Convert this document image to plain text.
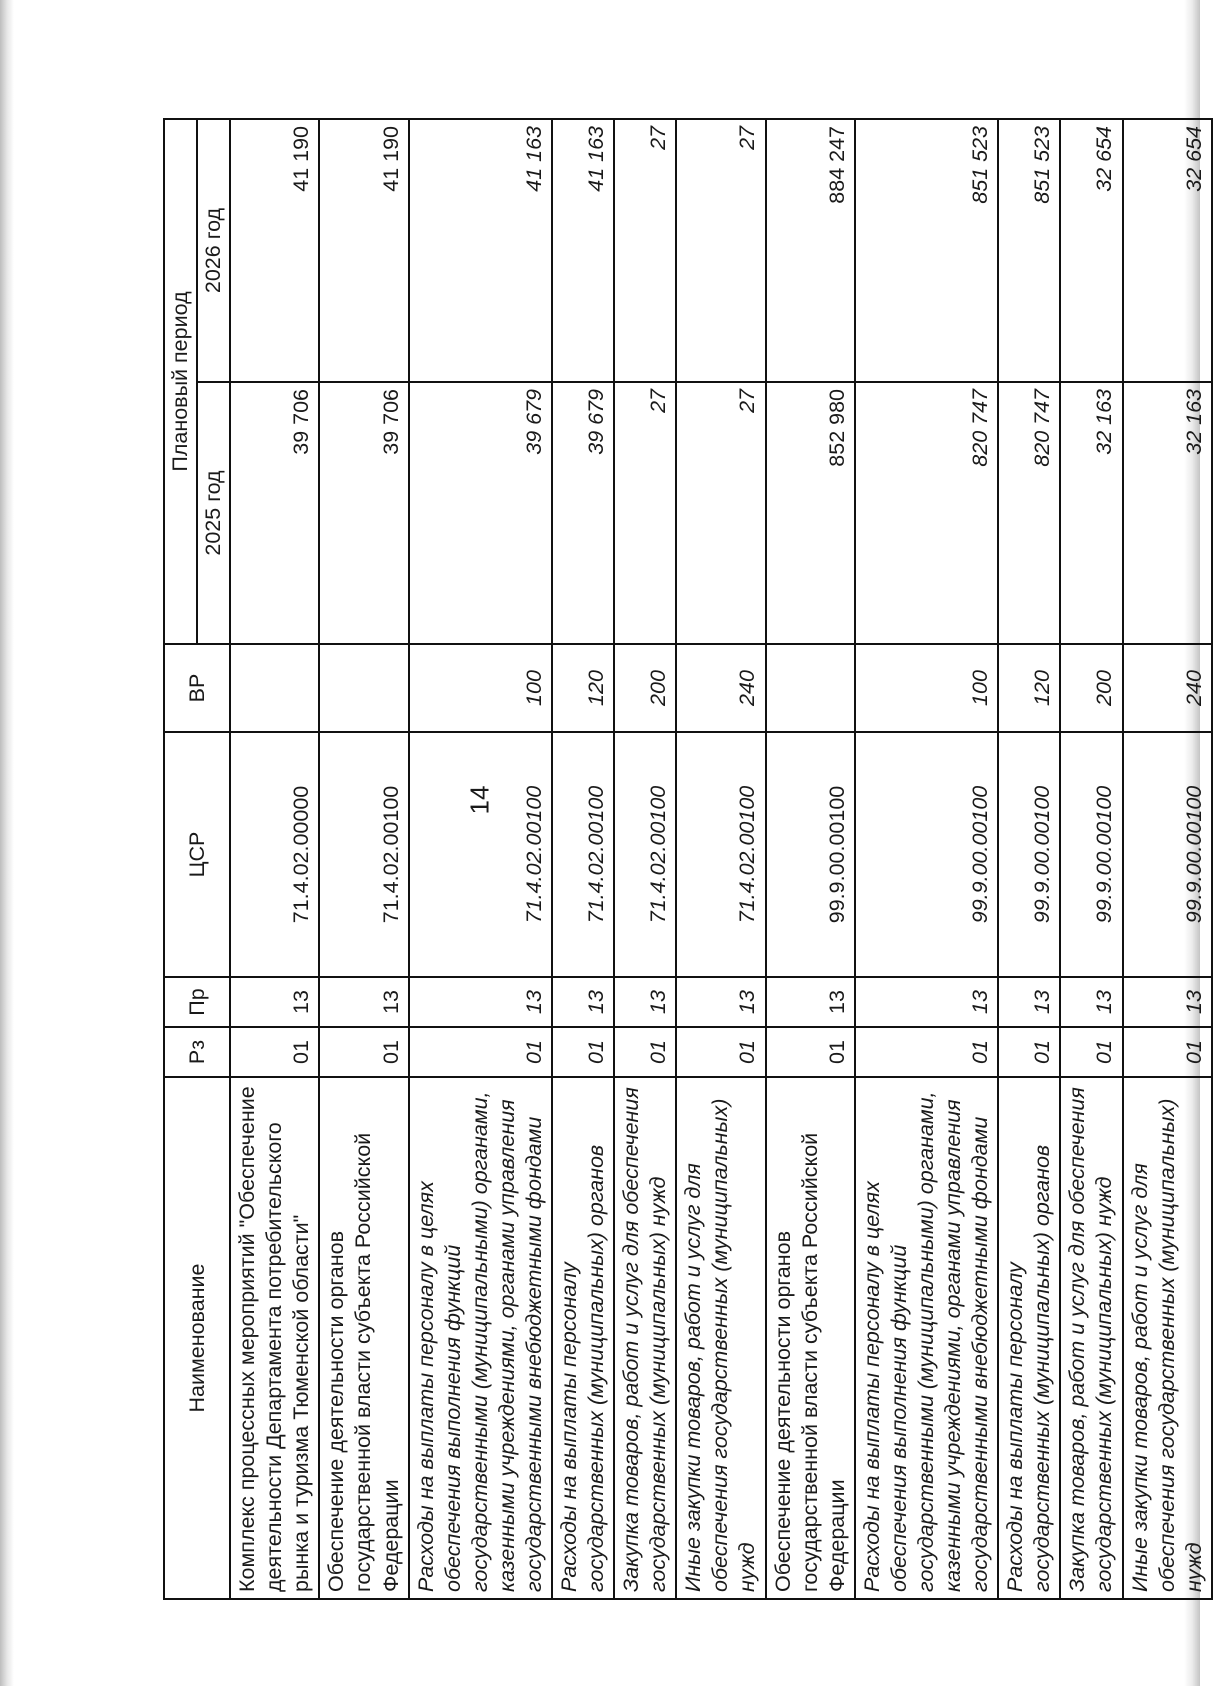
14
Наименование	Рз	Пр	ЦСР	ВР	Плановый период	
					2025 год	2026 год
Комплекс процессных мероприятий "Обеспечение деятельности Департамента потребительского рынка и туризма Тюменской области"	01	13	71.4.02.00000		39 706	41 190
Обеспечение деятельности органов государственной власти субъекта Российской Федерации	01	13	71.4.02.00100		39 706	41 190
Расходы на выплаты персоналу в целях обеспечения выполнения функций государственными (муниципальными) органами, казенными учреждениями, органами управления государственными внебюджетными фондами	01	13	71.4.02.00100	100	39 679	41 163
Расходы на выплаты персоналу государственных (муниципальных) органов	01	13	71.4.02.00100	120	39 679	41 163
Закупка товаров, работ и услуг для обеспечения государственных (муниципальных) нужд	01	13	71.4.02.00100	200	27	27
Иные закупки товаров, работ и услуг для обеспечения государственных (муниципальных) нужд	01	13	71.4.02.00100	240	27	27
Обеспечение деятельности органов государственной власти субъекта Российской Федерации	01	13	99.9.00.00100		852 980	884 247
Расходы на выплаты персоналу в целях обеспечения выполнения функций государственными (муниципальными) органами, казенными учреждениями, органами управления государственными внебюджетными фондами	01	13	99.9.00.00100	100	820 747	851 523
Расходы на выплаты персоналу государственных (муниципальных) органов	01	13	99.9.00.00100	120	820 747	851 523
Закупка товаров, работ и услуг для обеспечения государственных (муниципальных) нужд	01	13	99.9.00.00100	200	32 163	32 654
Иные закупки товаров, работ и услуг для обеспечения государственных (муниципальных) нужд	01	13	99.9.00.00100	240	32 163	32 654
